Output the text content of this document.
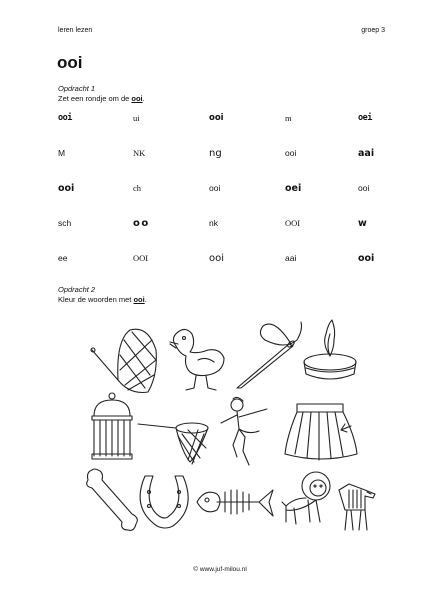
leren lezen	groep 3
ooi
Opdracht 1
Zet een rondje om de ooi.
ooi	ui	ooi	m	oei
M	NK	ng	ooi	aai
ooi	ch	ooi	oei	ooi
sch	oo	nk	OOI	w
ee	OOI	ooi	aai	ooi
Opdracht 2
Kleur de woorden met ooi.
© www.juf-milou.nl
